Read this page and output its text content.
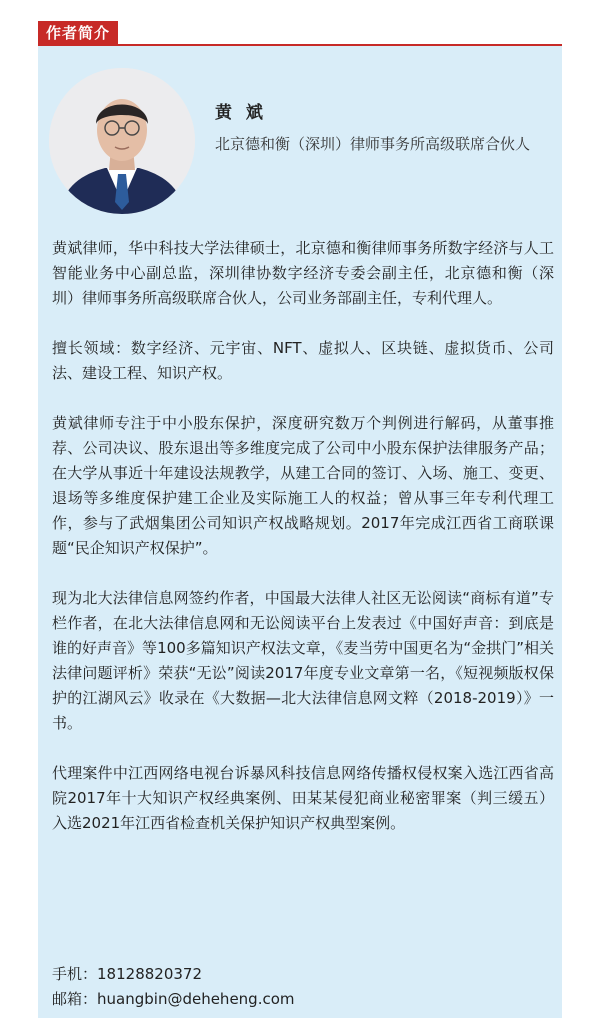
作者简介
黄 斌
北京德和衡（深圳）律师事务所高级联席合伙人

黄斌律师，华中科技大学法律硕士，北京德和衡律师事务所数字经济与人工智能业务中心副总监，深圳律协数字经济专委会副主任，北京德和衡（深圳）律师事务所高级联席合伙人，公司业务部副主任，专利代理人。

擅长领域：数字经济、元宇宙、NFT、虚拟人、区块链、虚拟货币、公司法、建设工程、知识产权。

黄斌律师专注于中小股东保护，深度研究数万个判例进行解码，从董事推荐、公司决议、股东退出等多维度完成了公司中小股东保护法律服务产品；在大学从事近十年建设法规教学，从建工合同的签订、入场、施工、变更、退场等多维度保护建工企业及实际施工人的权益；曾从事三年专利代理工作，参与了武烟集团公司知识产权战略规划。2017年完成江西省工商联课题“民企知识产权保护”。

现为北大法律信息网签约作者，中国最大法律人社区无讼阅读“商标有道”专栏作者，在北大法律信息网和无讼阅读平台上发表过《中国好声音：到底是谁的好声音》等100多篇知识产权法文章，《麦当劳中国更名为“金拱门”相关法律问题评析》荣获“无讼”阅读2017年度专业文章第一名，《短视频版权保护的江湖风云》收录在《大数据—北大法律信息网文粹（2018-2019）》一书。

代理案件中江西网络电视台诉暴风科技信息网络传播权侵权案入选江西省高院2017年十大知识产权经典案例、田某某侵犯商业秘密罪案（判三缓五）入选2021年江西省检查机关保护知识产权典型案例。

手机：18128820372
邮箱：huangbin@deheheng.com
